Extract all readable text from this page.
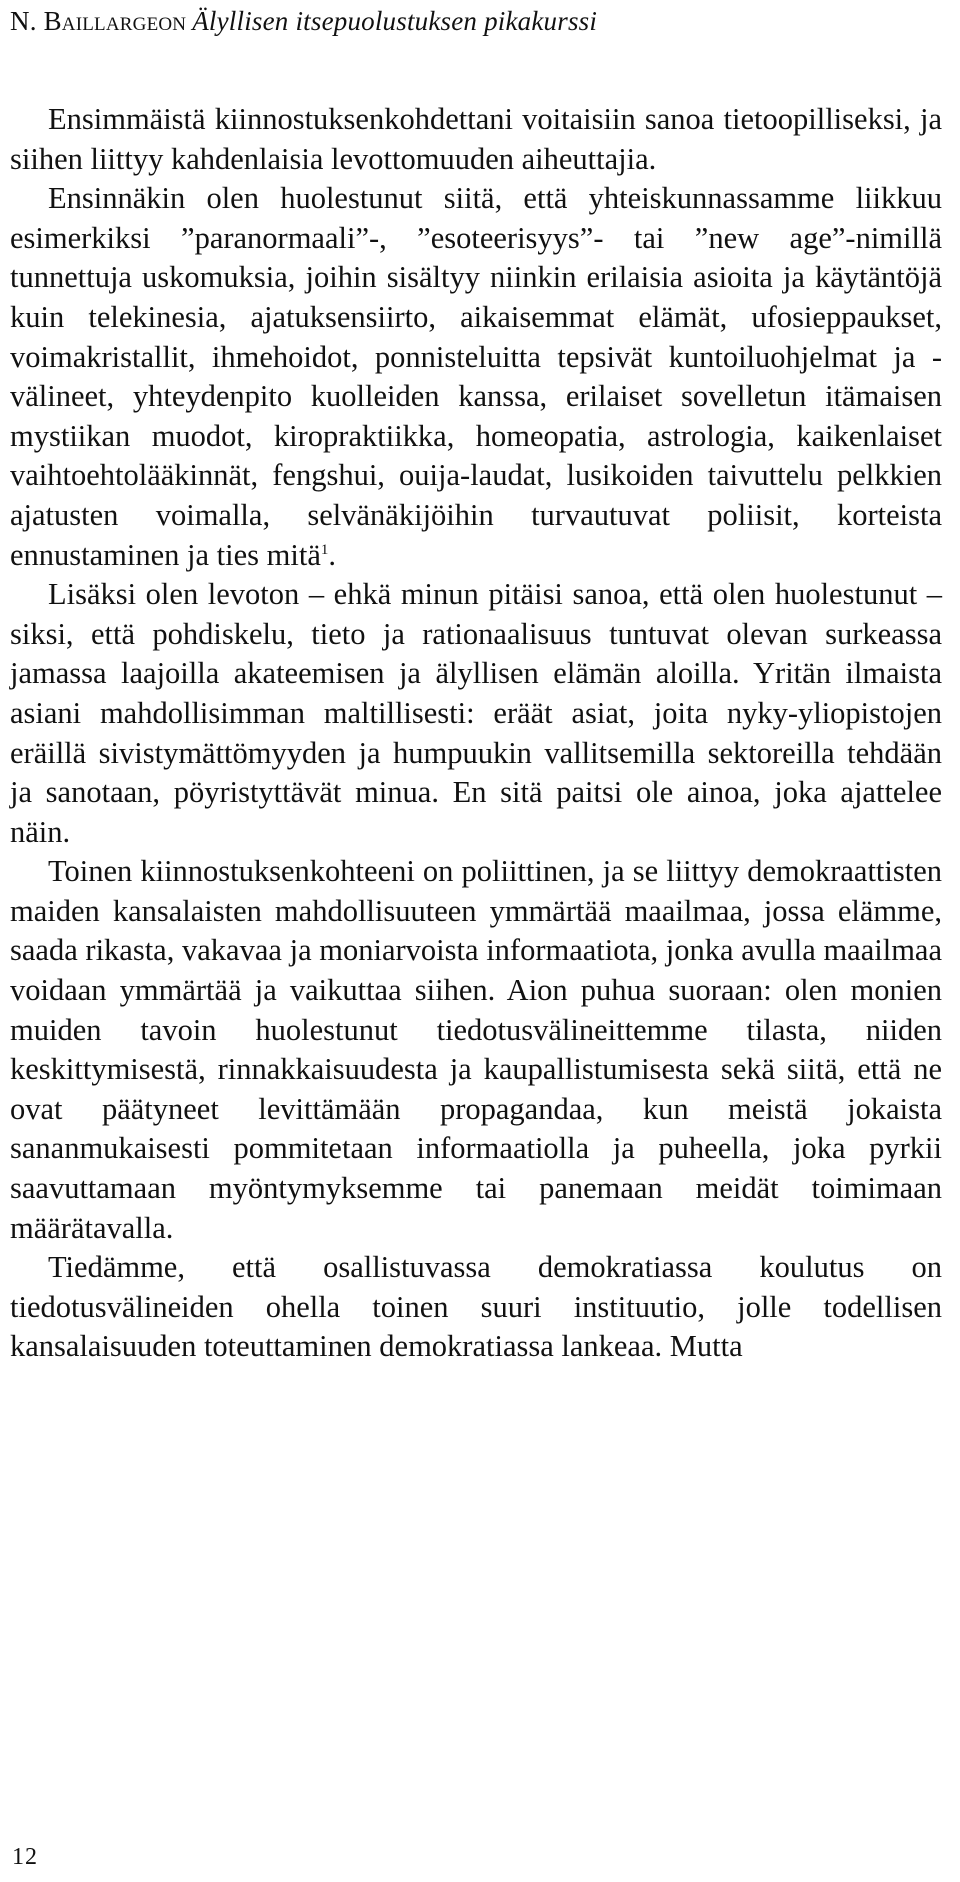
N. Baillargeon Älyllisen itsepuolustuksen pikakurssi

Ensimmäistä kiinnostuksenkohdettani voitaisiin sanoa tietoopilliseksi, ja siihen liittyy kahdenlaisia levottomuuden aiheuttajia.

Ensinnäkin olen huolestunut siitä, että yhteiskunnassamme liikkuu esimerkiksi ”paranormaali”-, ”esoteerisyys”- tai ”new age”-nimillä tunnettuja uskomuksia, joihin sisältyy niinkin erilaisia asioita ja käytäntöjä kuin telekinesia, ajatuksensiirto, aikaisemmat elämät, ufosieppaukset, voimakristallit, ihmehoidot, ponnisteluitta tepsivät kuntoiluohjelmat ja -välineet, yhteydenpito kuolleiden kanssa, erilaiset sovelletun itämaisen mystiikan muodot, kiropraktiikka, homeopatia, astrologia, kaikenlaiset vaihtoehtolääkinnät, fengshui, ouija-laudat, lusikoiden taivuttelu pelkkien ajatusten voimalla, selvänäkijöihin turvautuvat poliisit, korteista ennustaminen ja ties mitä$^1$.

Lisäksi olen levoton – ehkä minun pitäisi sanoa, että olen huolestunut – siksi, että pohdiskelu, tieto ja rationaalisuus tuntuvat olevan surkeassa jamassa laajoilla akateemisen ja älyllisen elämän aloilla. Yritän ilmaista asiani mahdollisimman maltillisesti: eräät asiat, joita nyky-yliopistojen eräillä sivistymättömyyden ja humpuukin vallitsemilla sektoreilla tehdään ja sanotaan, pöyristyttävät minua. En sitä paitsi ole ainoa, joka ajattelee näin.

Toinen kiinnostuksenkohteeni on poliittinen, ja se liittyy demokraattisten maiden kansalaisten mahdollisuuteen ymmärtää maailmaa, jossa elämme, saada rikasta, vakavaa ja moniarvoista informaatiota, jonka avulla maailmaa voidaan ymmärtää ja vaikuttaa siihen. Aion puhua suoraan: olen monien muiden tavoin huolestunut tiedotusvälineittemme tilasta, niiden keskittymisestä, rinnakkaisuudesta ja kaupallistumisesta sekä siitä, että ne ovat päätyneet levittämään propagandaa, kun meistä jokaista sananmukaisesti pommitetaan informaatiolla ja puheella, joka pyrkii saavuttamaan myöntymyksemme tai panemaan meidät toimimaan määrätavalla.

Tiedämme, että osallistuvassa demokratiassa koulutus on tiedotusvälineiden ohella toinen suuri instituutio, jolle todellisen kansalaisuuden toteuttaminen demokratiassa lankeaa. Mutta

12
